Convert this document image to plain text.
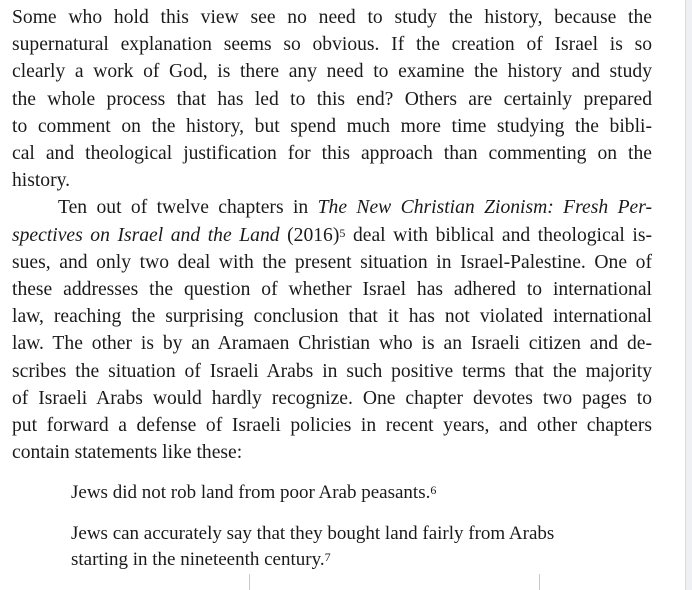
Some who hold this view see no need to study the history, because the
supernatural explanation seems so obvious. If the creation of Israel is so
clearly a work of God, is there any need to examine the history and study
the whole process that has led to this end? Others are certainly prepared
to comment on the history, but spend much more time studying the bibli-
cal and theological justification for this approach than commenting on the
history.
Ten out of twelve chapters in The New Christian Zionism: Fresh Per-
spectives on Israel and the Land $(2016)^5$ deal with biblical and theological is-
sues, and only two deal with the present situation in Israel-Palestine. One of
these addresses the question of whether Israel has adhered to international
law, reaching the surprising conclusion that it has not violated international
law. The other is by an Aramaen Christian who is an Israeli citizen and de-
scribes the situation of Israeli Arabs in such positive terms that the majority
of Israeli Arabs would hardly recognize. One chapter devotes two pages to
put forward a defense of Israeli policies in recent years, and other chapters
contain statements like these:
Jews did not rob land from poor Arab peasants.$^6$
Jews can accurately say that they bought land fairly from Arabs
starting in the nineteenth century.$^7$
